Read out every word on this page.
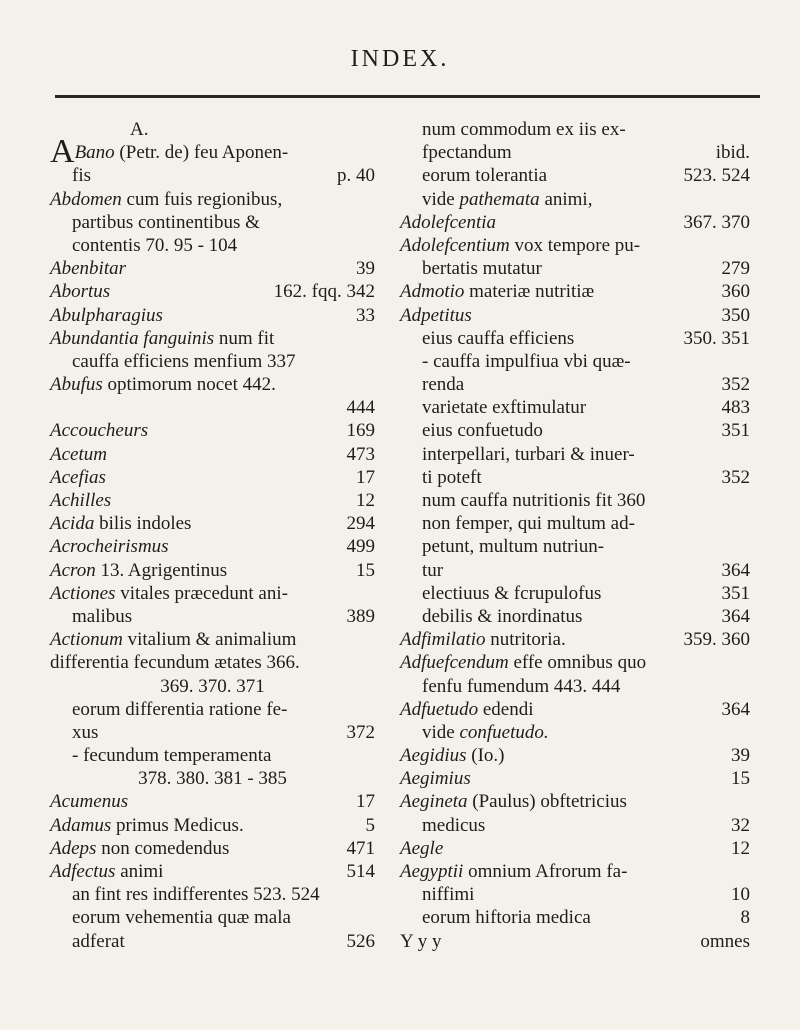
INDEX.
A.
ABano (Petr. de) feu Aponen-
fis	p. 40
Abdomen cum fuis regionibus,
partibus continentibus &
contentis 70. 95 - 104
Abenbitar	39
Abortus	162. fqq. 342
Abulpharagius	33
Abundantia fanguinis num fit
cauffa efficiens menfium 337
Abufus optimorum nocet 442.
444
Accoucheurs	169
Acetum	473
Acefias	17
Achilles	12
Acida bilis indoles	294
Acrocheirismus	499
Acron 13. Agrigentinus	15
Actiones vitales præcedunt ani-
malibus	389
Actionum vitalium & animalium
differentia fecundum ætates 366.
369. 370. 371
eorum differentia ratione fe-
xus	372
- fecundum temperamenta
378. 380. 381 - 385
Acumenus	17
Adamus primus Medicus.	5
Adeps non comedendus	471
Adfectus animi	514
an fint res indifferentes 523. 524
eorum vehementia quæ mala
adferat	526
num commodum ex iis ex-
fpectandum	ibid.
eorum tolerantia	523. 524
vide pathemata animi,
Adolefcentia	367. 370
Adolefcentium vox tempore pu-
bertatis mutatur	279
Admotio materiæ nutritiæ	360
Adpetitus	350
eius cauffa efficiens	350. 351
- cauffa impulfiua vbi quæ-
renda	352
varietate exftimulatur	483
eius confuetudo	351
interpellari, turbari & inuer-
ti poteft	352
num cauffa nutritionis fit 360
non femper, qui multum ad-
petunt, multum nutriun-
tur	364
electiuus & fcrupulofus	351
debilis & inordinatus	364
Adfimilatio nutritoria.	359. 360
Adfuefcendum effe omnibus quo
fenfu fumendum 443. 444
Adfuetudo edendi	364
vide confuetudo.
Aegidius (Io.)	39
Aegimius	15
Aegineta (Paulus) obftetricius
medicus	32
Aegle	12
Aegyptii omnium Afrorum fa-
niffimi	10
eorum hiftoria medica	8
Y y y	omnes
